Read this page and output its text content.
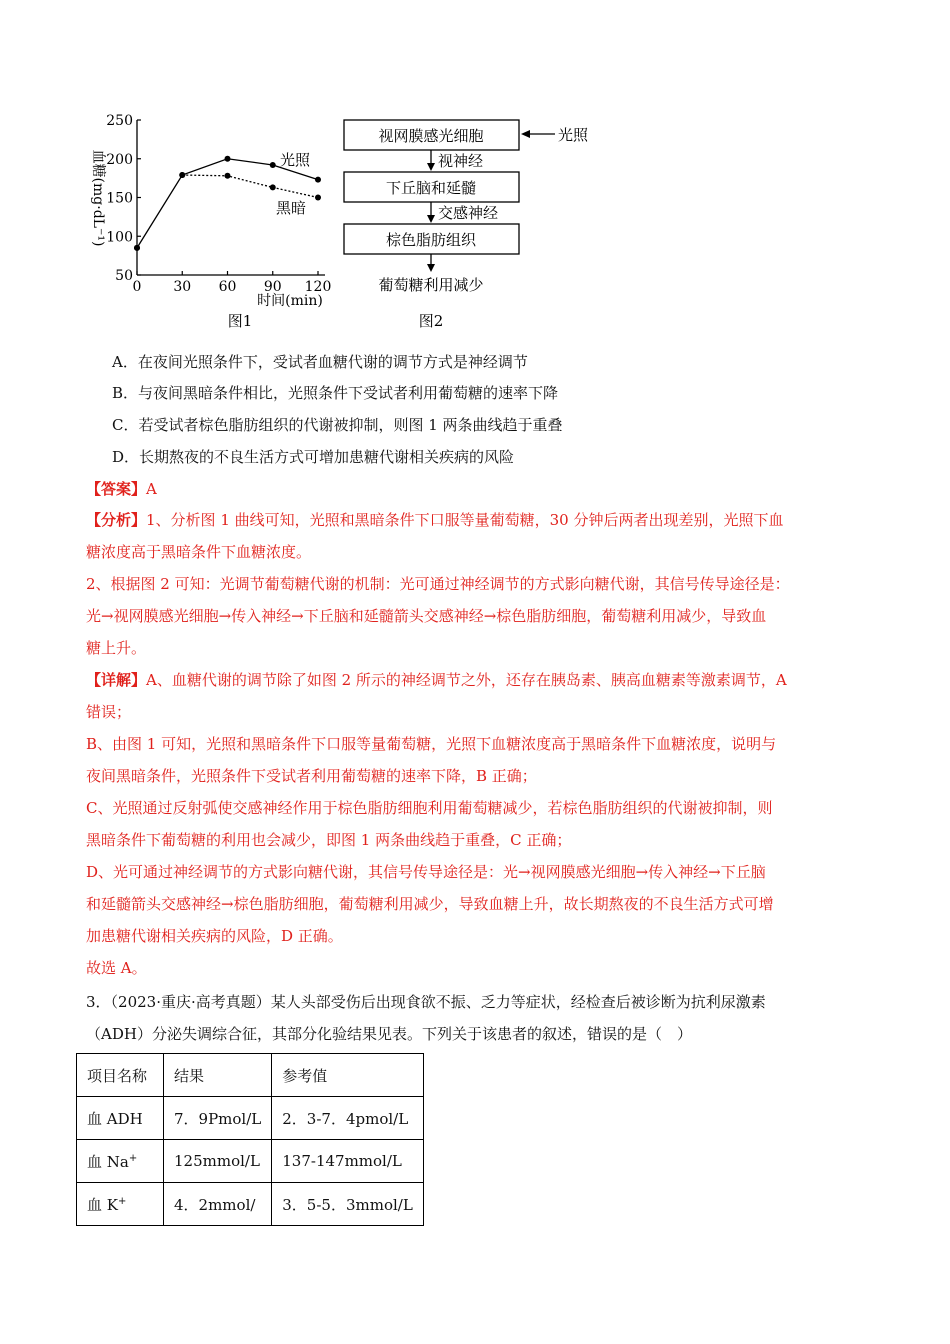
250
200
150
100
50
0 30 60 90 120
光照
黑暗
血糖(mg·dL⁻¹)
时间(min)
图1
视网膜感光细胞	光照
视神经
下丘脑和延髓
交感神经
棕色脂肪组织
葡萄糖利用减少
图2
A．在夜间光照条件下，受试者血糖代谢的调节方式是神经调节
B．与夜间黑暗条件相比，光照条件下受试者利用葡萄糖的速率下降
C．若受试者棕色脂肪组织的代谢被抑制，则图 1 两条曲线趋于重叠
D．长期熬夜的不良生活方式可增加患糖代谢相关疾病的风险
【答案】A
【分析】1、分析图 1 曲线可知，光照和黑暗条件下口服等量葡萄糖，30 分钟后两者出现差别，光照下血
糖浓度高于黑暗条件下血糖浓度。
2、根据图 2 可知：光调节葡萄糖代谢的机制：光可通过神经调节的方式影向糖代谢，其信号传导途径是：
光→视网膜感光细胞→传入神经→下丘脑和延髓箭头交感神经→棕色脂肪细胞，葡萄糖利用减少，导致血
糖上升。
【详解】A、血糖代谢的调节除了如图 2 所示的神经调节之外，还存在胰岛素、胰高血糖素等激素调节，A
错误；
B、由图 1 可知，光照和黑暗条件下口服等量葡萄糖，光照下血糖浓度高于黑暗条件下血糖浓度，说明与
夜间黑暗条件，光照条件下受试者利用葡萄糖的速率下降，B 正确；
C、光照通过反射弧使交感神经作用于棕色脂肪细胞利用葡萄糖减少，若棕色脂肪组织的代谢被抑制，则
黑暗条件下葡萄糖的利用也会减少，即图 1 两条曲线趋于重叠，C 正确；
D、光可通过神经调节的方式影向糖代谢，其信号传导途径是：光→视网膜感光细胞→传入神经→下丘脑
和延髓箭头交感神经→棕色脂肪细胞，葡萄糖利用减少，导致血糖上升，故长期熬夜的不良生活方式可增
加患糖代谢相关疾病的风险，D 正确。
故选 A。
3．（2023·重庆·高考真题）某人头部受伤后出现食欲不振、乏力等症状，经检查后被诊断为抗利尿激素
（ADH）分泌失调综合征，其部分化验结果见表。下列关于该患者的叙述，错误的是（　）
项目名称	结果	参考值
血 ADH	7．9Pmol/L	2．3-7．4pmol/L
血 Na+	125mmol/L	137-147mmol/L
血 K+	4．2mmol/	3．5-5．3mmol/L
